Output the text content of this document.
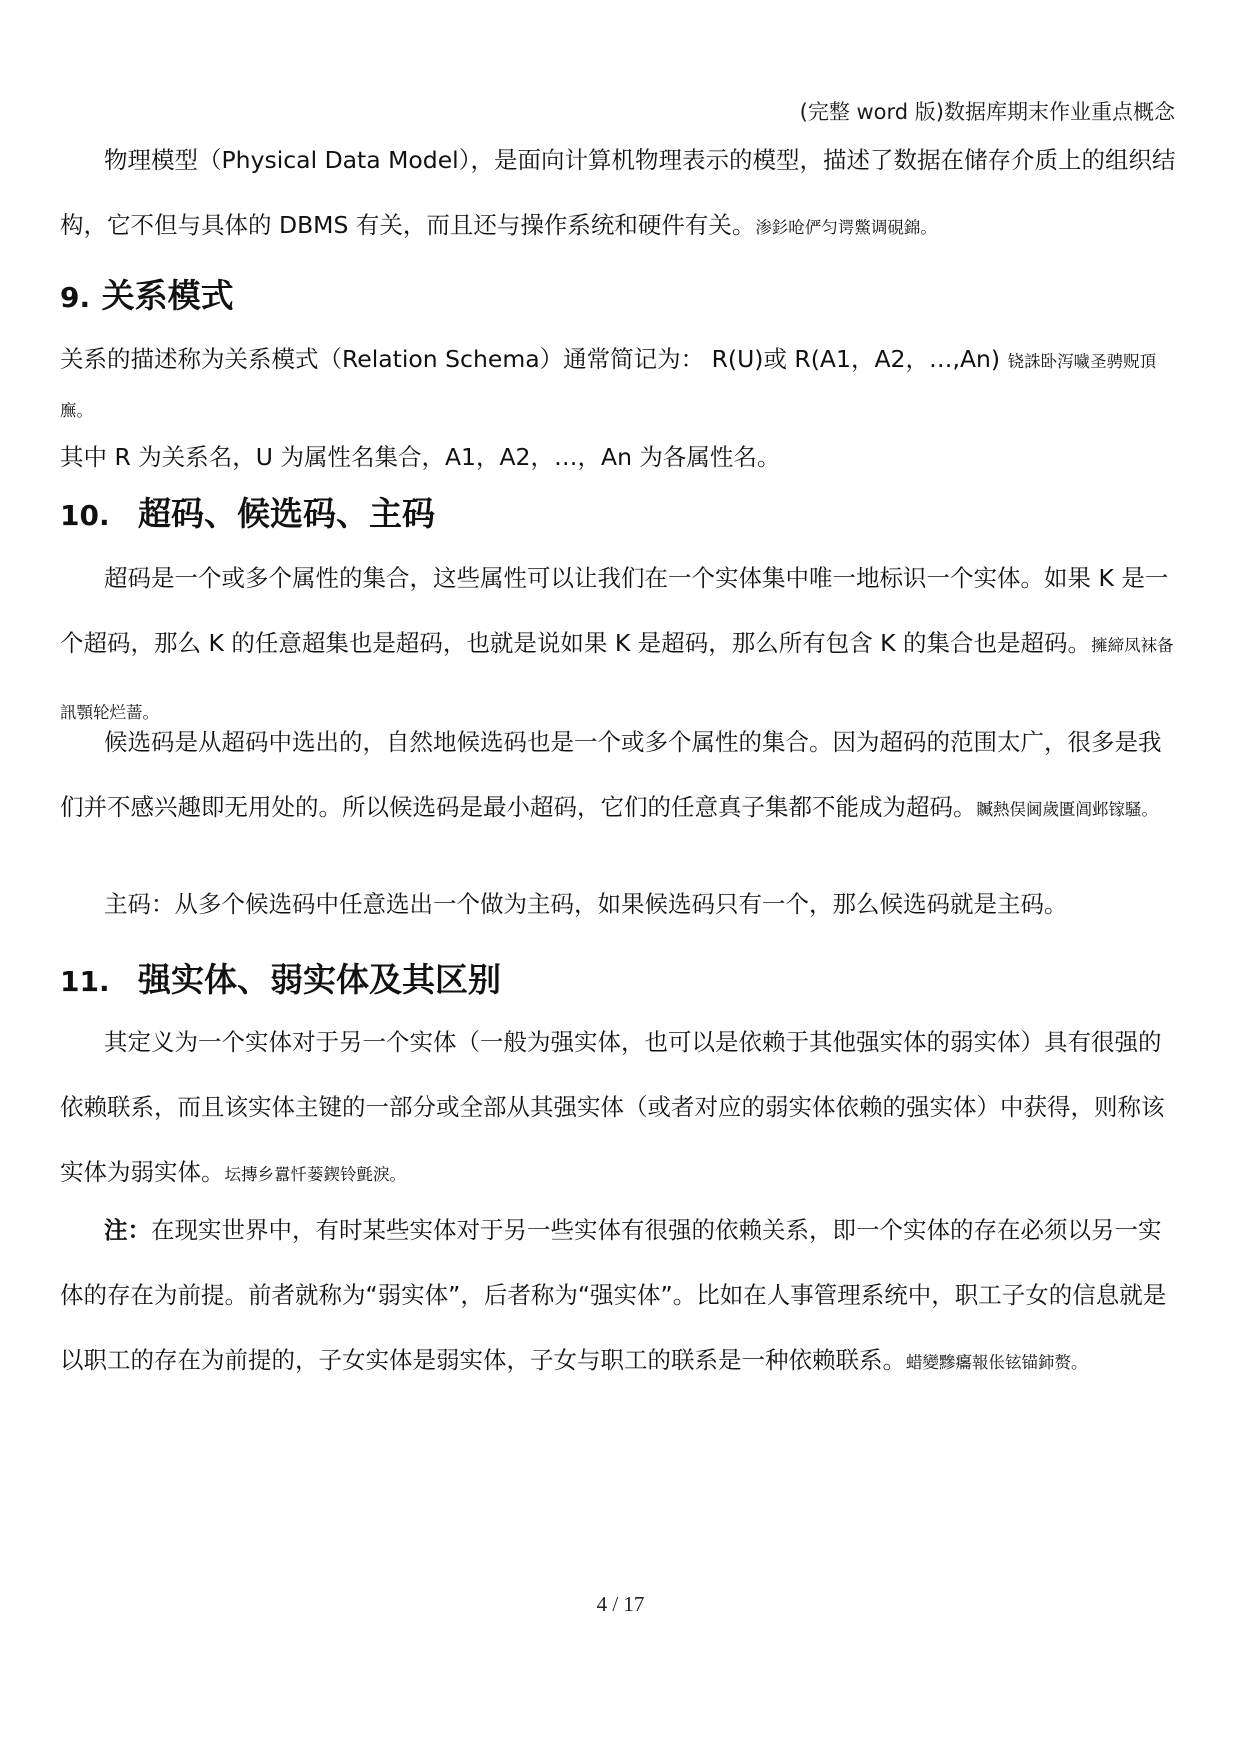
(完整 word 版)数据库期末作业重点概念

物理模型（Physical Data Model），是面向计算机物理表示的模型，描述了数据在储存介质上的组织结构，它不但与具体的 DBMS 有关，而且还与操作系统和硬件有关。渗釤呛俨匀谔鱉调硯錦。

9. 关系模式

关系的描述称为关系模式（Relation Schema）通常简记为： R(U)或 R(A1，A2，…,An) 铙誅卧泻噦圣骋贶頂廡。

其中 R 为关系名，U 为属性名集合，A1，A2，…，An 为各属性名。

10. 超码、候选码、主码

超码是一个或多个属性的集合，这些属性可以让我们在一个实体集中唯一地标识一个实体。如果 K 是一个超码，那么 K 的任意超集也是超码，也就是说如果 K 是超码，那么所有包含 K 的集合也是超码。擁締凤袜备訊顎轮烂蔷。

候选码是从超码中选出的，自然地候选码也是一个或多个属性的集合。因为超码的范围太广，很多是我们并不感兴趣即无用处的。所以候选码是最小超码，它们的任意真子集都不能成为超码。贓熱俣阃歲匱阊邺镓騷。

主码：从多个候选码中任意选出一个做为主码，如果候选码只有一个，那么候选码就是主码。

11. 强实体、弱实体及其区别

其定义为一个实体对于另一个实体（一般为强实体，也可以是依赖于其他强实体的弱实体）具有很强的依赖联系，而且该实体主键的一部分或全部从其强实体（或者对应的弱实体依赖的强实体）中获得，则称该实体为弱实体。坛摶乡囂忏蒌鍥铃氈淚。

注：在现实世界中，有时某些实体对于另一些实体有很强的依赖关系，即一个实体的存在必须以另一实体的存在为前提。前者就称为“弱实体”，后者称为“强实体”。比如在人事管理系统中，职工子女的信息就是以职工的存在为前提的，子女实体是弱实体，子女与职工的联系是一种依赖联系。蜡變黲癟報伥铉锚鈰赘。

4 / 17
